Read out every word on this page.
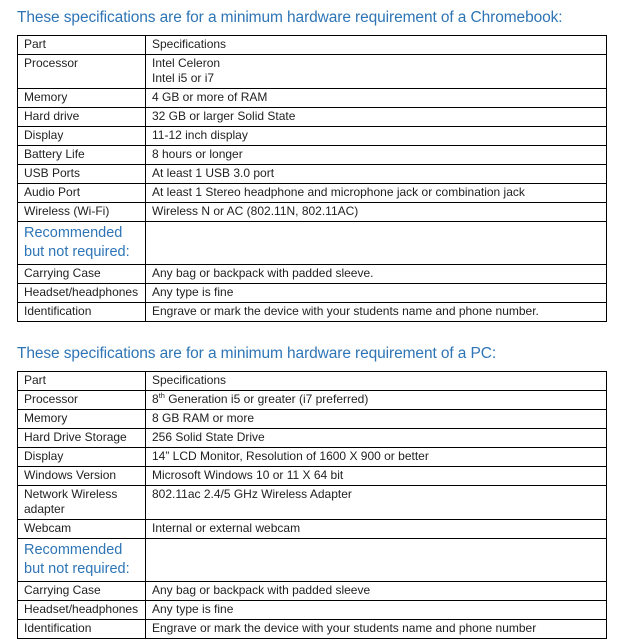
These specifications are for a minimum hardware requirement of a Chromebook:
Part	Specifications
Processor	Intel Celeron
Intel i5 or i7

Memory	4 GB or more of RAM

Hard drive	32 GB or larger Solid State

Display	11-12 inch display

Battery Life	8 hours or longer

USB Ports	At least 1 USB 3.0 port

Audio Port	At least 1 Stereo headphone and microphone jack or combination jack

Wireless (Wi-Fi)	Wireless N or AC (802.11N, 802.11AC)

Recommended but not required:	
Carrying Case	Any bag or backpack with padded sleeve.

Headset/headphones	Any type is fine

Identification	Engrave or mark the device with your students name and phone number.
These specifications are for a minimum hardware requirement of a PC:
Part	Specifications
Processor	8th Generation i5 or greater (i7 preferred)

Memory	8 GB RAM or more

Hard Drive Storage	256 Solid State Drive

Display	14” LCD Monitor, Resolution of 1600 X 900 or better

Windows Version	Microsoft Windows 10 or 11 X 64 bit

Network Wireless adapter	802.11ac 2.4/5 GHz Wireless Adapter

Webcam	Internal or external webcam

Recommended but not required:	
Carrying Case	Any bag or backpack with padded sleeve

Headset/headphones	Any type is fine

Identification	Engrave or mark the device with your students name and phone number
